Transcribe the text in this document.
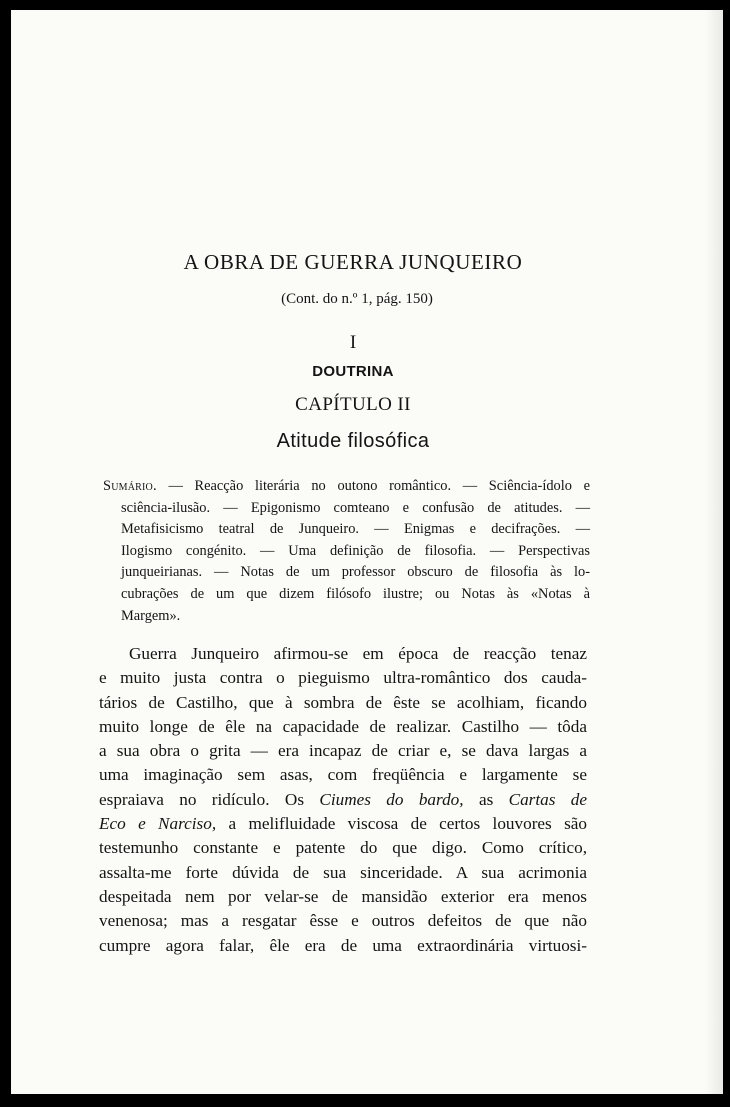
A OBRA DE GUERRA JUNQUEIRO
(Cont. do n.º 1, pág. 150)
I
DOUTRINA
CAPÍTULO II
Atitude filosófica
Sumário. — Reacção literária no outono romântico. — Sciência-ídolo e
sciência-ilusão. — Epigonismo comteano e confusão de atitudes. —
Metafisicismo teatral de Junqueiro. — Enigmas e decifrações. —
Ilogismo congénito. — Uma definição de filosofia. — Perspectivas
junqueirianas. — Notas de um professor obscuro de filosofia às lo-
cubrações de um que dizem filósofo ilustre; ou Notas às «Notas à
Margem».
Guerra Junqueiro afirmou-se em época de reacção tenaz
e muito justa contra o pieguismo ultra-romântico dos cauda-
tários de Castilho, que à sombra de êste se acolhiam, ficando
muito longe de êle na capacidade de realizar. Castilho — tôda
a sua obra o grita — era incapaz de criar e, se dava largas a
uma imaginação sem asas, com freqüência e largamente se
espraiava no ridículo. Os Ciumes do bardo, as Cartas de
Eco e Narciso, a melifluidade viscosa de certos louvores são
testemunho constante e patente do que digo. Como crítico,
assalta-me forte dúvida de sua sinceridade. A sua acrimonia
despeitada nem por velar-se de mansidão exterior era menos
venenosa; mas a resgatar êsse e outros defeitos de que não
cumpre agora falar, êle era de uma extraordinária virtuosi-
